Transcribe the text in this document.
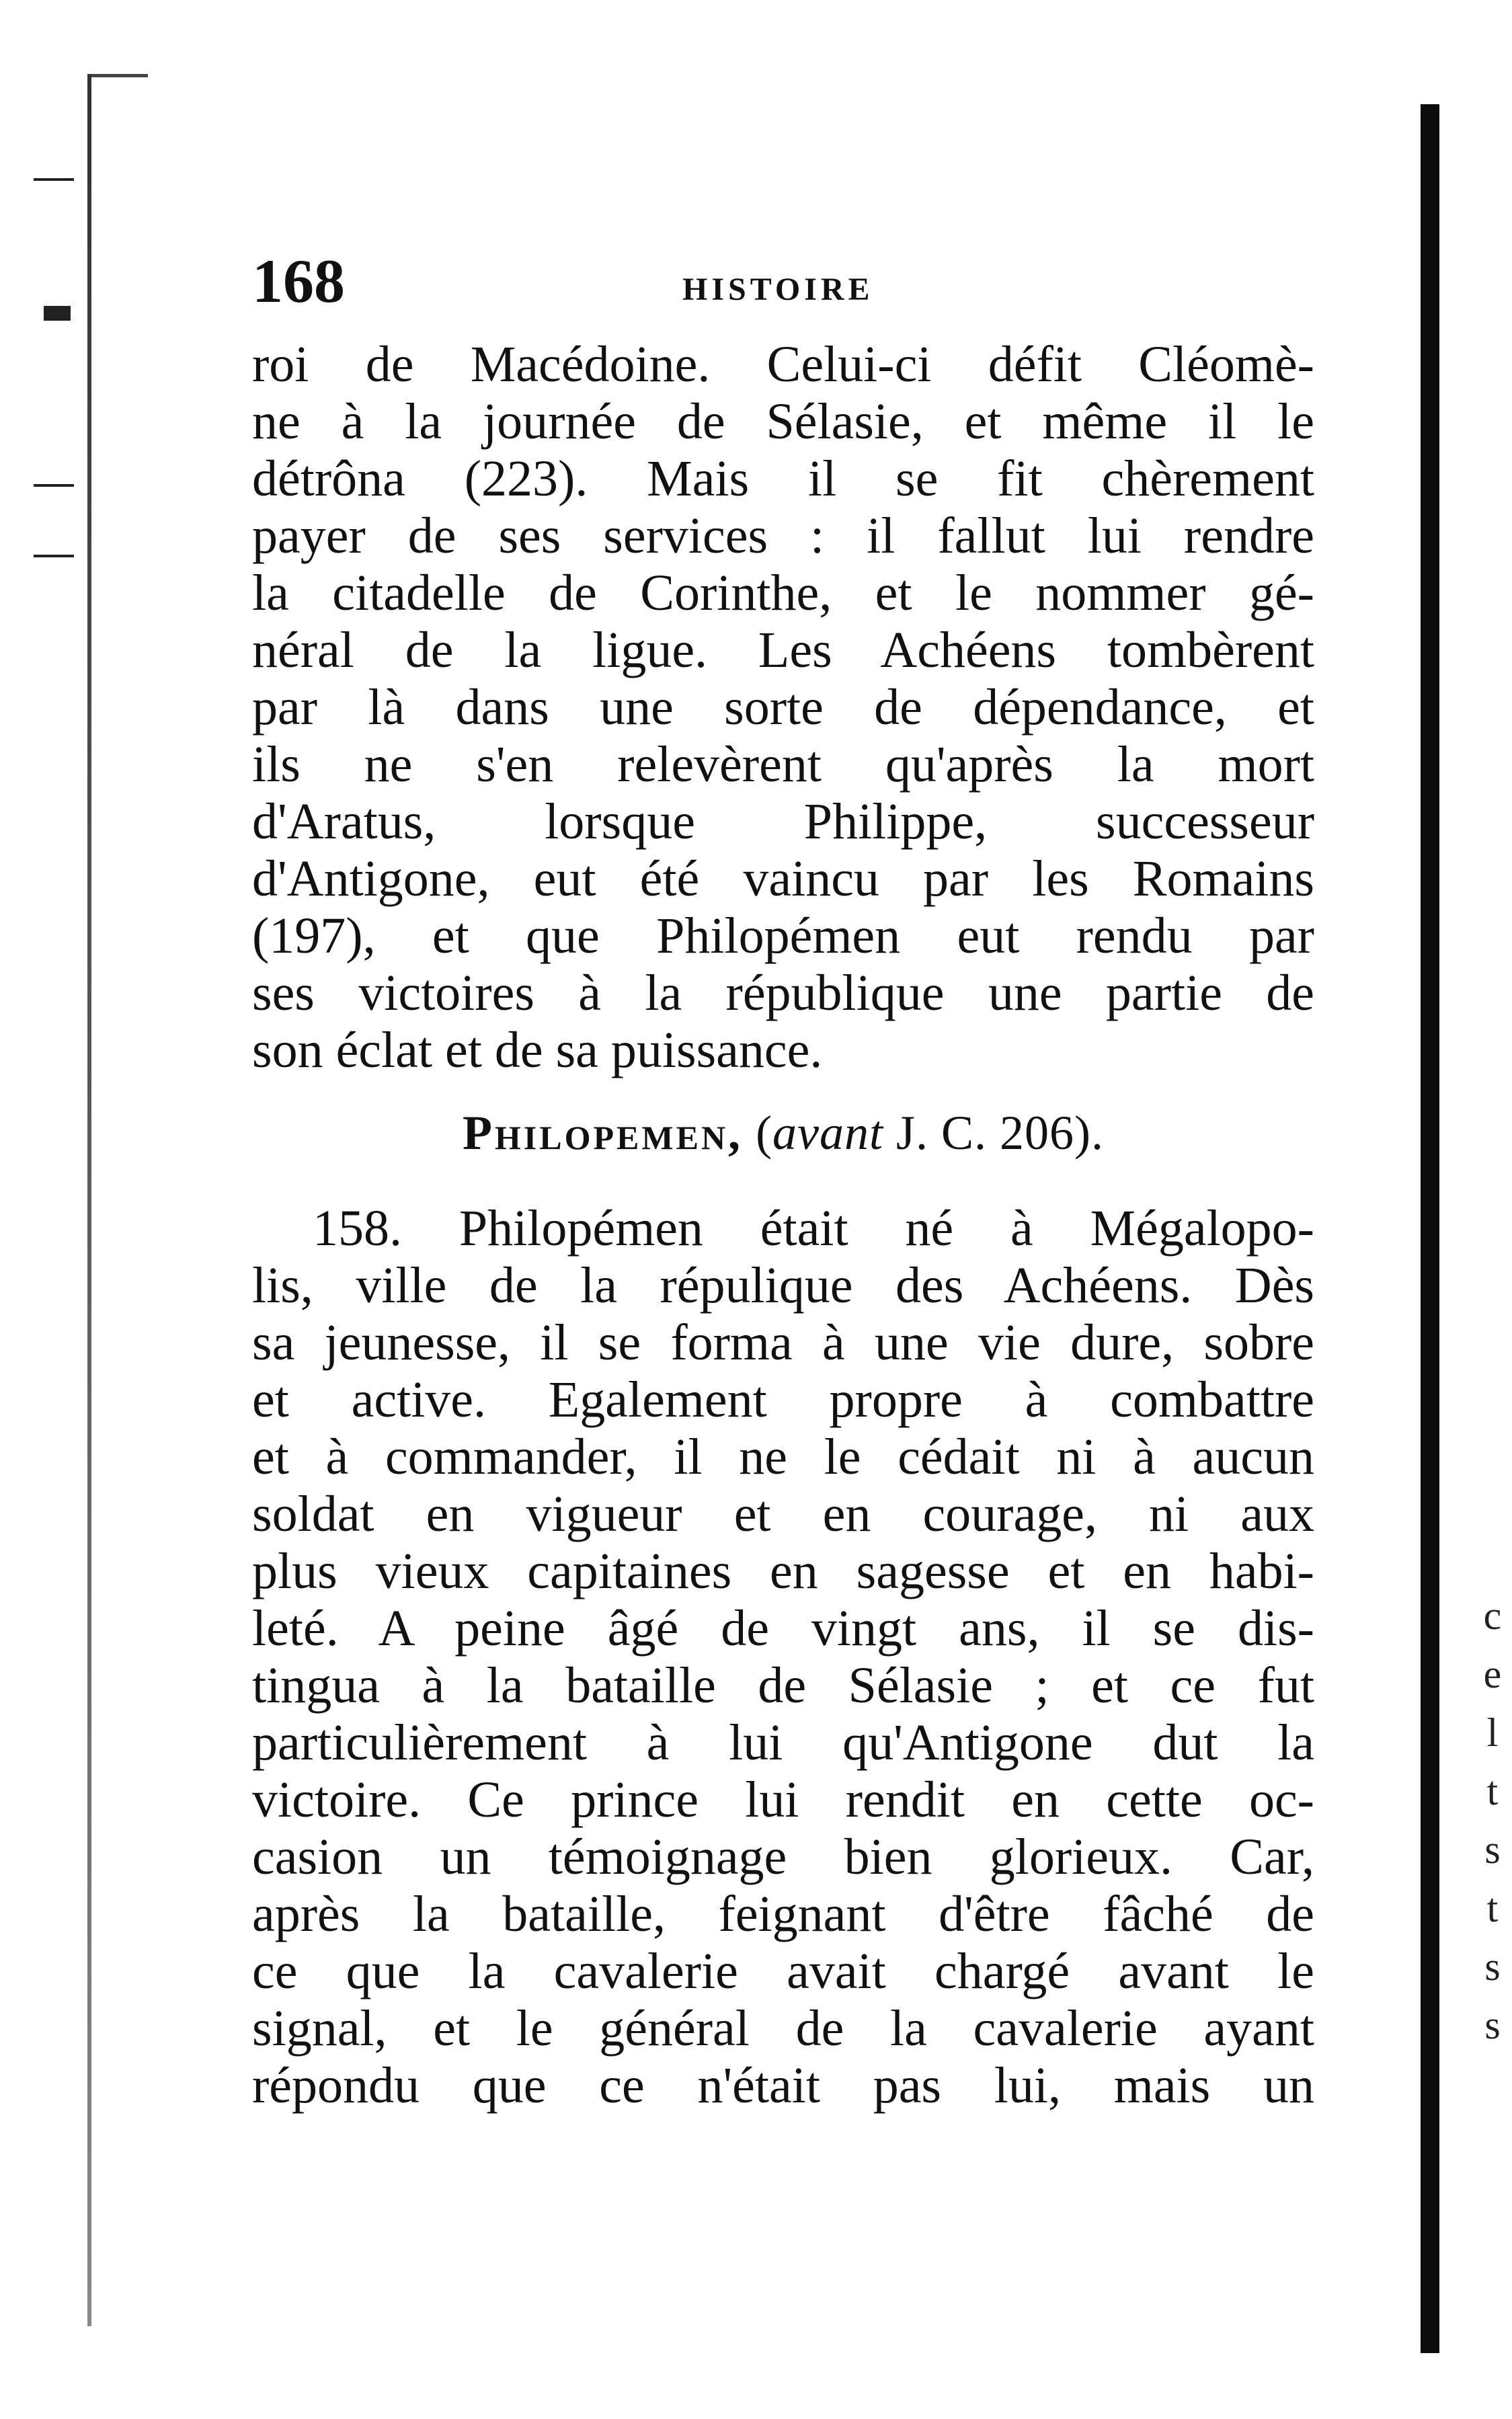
c
e
l
t
s
t
s
s
168	HISTOIRE
roi de Macédoine. Celui-ci défit Cléomè-
ne à la journée de Sélasie, et même il le
détrôna (223). Mais il se fit chèrement
payer de ses services : il fallut lui rendre
la citadelle de Corinthe, et le nommer gé-
néral de la ligue. Les Achéens tombèrent
par là dans une sorte de dépendance, et
ils ne s'en relevèrent qu'après la mort
d'Aratus, lorsque Philippe, successeur
d'Antigone, eut été vaincu par les Romains
(197), et que Philopémen eut rendu par
ses victoires à la république une partie de
son éclat et de sa puissance.
Philopemen, (avant J. C. 206).
158. Philopémen était né à Mégalopo-
lis, ville de la répulique des Achéens. Dès
sa jeunesse, il se forma à une vie dure, sobre
et active. Egalement propre à combattre
et à commander, il ne le cédait ni à aucun
soldat en vigueur et en courage, ni aux
plus vieux capitaines en sagesse et en habi-
leté. A peine âgé de vingt ans, il se dis-
tingua à la bataille de Sélasie ; et ce fut
particulièrement à lui qu'Antigone dut la
victoire. Ce prince lui rendit en cette oc-
casion un témoignage bien glorieux. Car,
après la bataille, feignant d'être fâché de
ce que la cavalerie avait chargé avant le
signal, et le général de la cavalerie ayant
répondu que ce n'était pas lui, mais un
